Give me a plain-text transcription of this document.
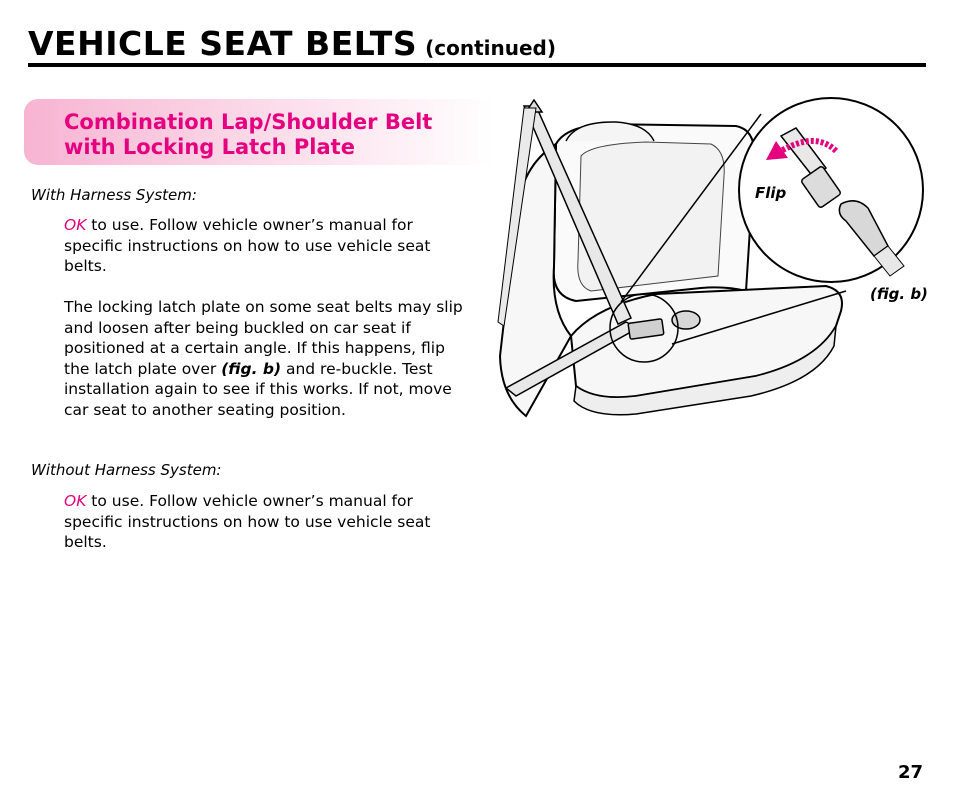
VEHICLE SEAT BELTS (continued)
Combination Lap/Shoulder Belt
with Locking Latch Plate
With Harness System:
OK to use. Follow vehicle owner’s manual for specific instructions on how to use vehicle seat belts.
The locking latch plate on some seat belts may slip and loosen after being buckled on car seat if positioned at a certain angle. If this happens, flip the latch plate over (fig. b) and re-buckle. Test installation again to see if this works. If not, move car seat to another seating position.
Without Harness System:
OK to use. Follow vehicle owner’s manual for specific instructions on how to use vehicle seat belts.
Flip
(fig. b)
27
